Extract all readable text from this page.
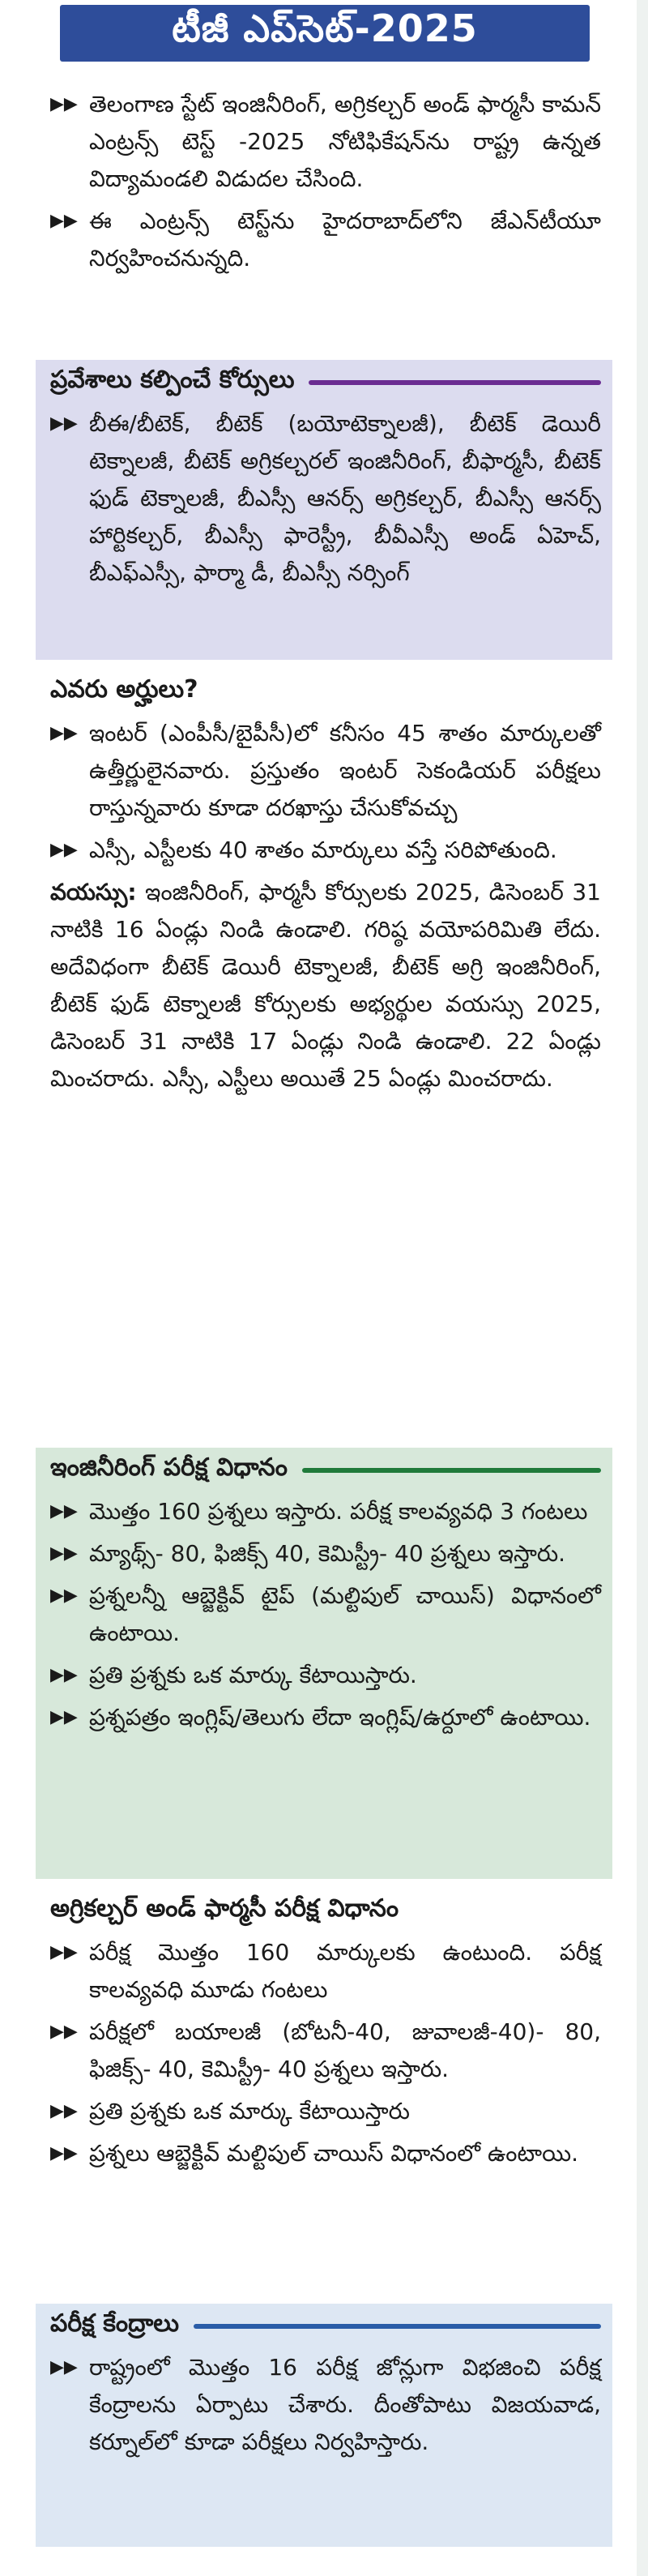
టీజీ ఎప్‌సెట్‌-2025
▶▶ తెలంగాణ స్టేట్‌ ఇంజినీరింగ్‌, అగ్రికల్చర్‌ అండ్‌ ఫార్మసీ కామన్‌ ఎంట్రన్స్‌ టెస్ట్‌ -2025 నోటిఫికేషన్‌ను రాష్ట్ర ఉన్నత విద్యామండలి విడుదల చేసింది.
▶▶ ఈ ఎంట్రన్స్‌ టెస్ట్‌ను హైదరాబాద్‌లోని జేఎన్‌టీయూ నిర్వహించనున్నది.
ప్రవేశాలు కల్పించే కోర్సులు
▶▶ బీఈ/బీటెక్‌, బీటెక్‌ (బయోటెక్నాలజీ), బీటెక్‌ డెయిరీ టెక్నాలజీ, బీటెక్‌ అగ్రికల్చరల్‌ ఇంజినీరింగ్‌, బీఫార్మసీ, బీటెక్‌ ఫుడ్‌ టెక్నాలజీ, బీఎస్సీ ఆనర్స్‌ అగ్రికల్చర్‌, బీఎస్సీ ఆనర్స్‌ హార్టికల్చర్‌, బీఎస్సీ ఫారెస్ట్రీ, బీవీఎస్సీ అండ్‌ ఏహెచ్‌, బీఎఫ్‌ఎస్సీ, ఫార్మా డీ, బీఎస్సీ నర్సింగ్‌
ఎవరు అర్హులు?
▶▶ ఇంటర్‌ (ఎంపీసీ/బైపీసీ)లో కనీసం 45 శాతం మార్కులతో ఉత్తీర్ణులైనవారు. ప్రస్తుతం ఇంటర్‌ సెకండియర్‌ పరీక్షలు రాస్తున్నవారు కూడా దరఖాస్తు చేసుకోవచ్చు
▶▶ ఎస్సీ, ఎస్టీలకు 40 శాతం మార్కులు వస్తే సరిపోతుంది.
వయస్సు: ఇంజినీరింగ్‌, ఫార్మసీ కోర్సులకు 2025, డిసెంబర్‌ 31 నాటికి 16 ఏండ్లు నిండి ఉండాలి. గరిష్ఠ వయోపరిమితి లేదు. అదేవిధంగా బీటెక్‌ డెయిరీ టెక్నాలజీ, బీటెక్‌ అగ్రి ఇంజినీరింగ్‌, బీటెక్‌ ఫుడ్‌ టెక్నాలజీ కోర్సులకు అభ్యర్థుల వయస్సు 2025, డిసెంబర్‌ 31 నాటికి 17 ఏండ్లు నిండి ఉండాలి. 22 ఏండ్లు మించరాదు. ఎస్సీ, ఎస్టీలు అయితే 25 ఏండ్లు మించరాదు.
ఇంజినీరింగ్‌ పరీక్ష విధానం
▶▶ మొత్తం 160 ప్రశ్నలు ఇస్తారు. పరీక్ష కాలవ్యవధి 3 గంటలు
▶▶ మ్యాథ్స్‌- 80, ఫిజిక్స్‌ 40, కెమిస్ట్రీ- 40 ప్రశ్నలు ఇస్తారు.
▶▶ ప్రశ్నలన్నీ ఆబ్జెక్టివ్‌ టైప్‌ (మల్టిపుల్‌ చాయిస్‌) విధానంలో ఉంటాయి.
▶▶ ప్రతి ప్రశ్నకు ఒక మార్కు కేటాయిస్తారు.
▶▶ ప్రశ్నపత్రం ఇంగ్లిష్‌/తెలుగు లేదా ఇంగ్లిష్‌/ఉర్దూలో ఉంటాయి.
అగ్రికల్చర్‌ అండ్‌ ఫార్మసీ పరీక్ష విధానం
▶▶ పరీక్ష మొత్తం 160 మార్కులకు ఉంటుంది. పరీక్ష కాలవ్యవధి మూడు గంటలు
▶▶ పరీక్షలో బయాలజీ (బోటనీ-40, జువాలజీ-40)- 80, ఫిజిక్స్‌- 40, కెమిస్ట్రీ- 40 ప్రశ్నలు ఇస్తారు.
▶▶ ప్రతి ప్రశ్నకు ఒక మార్కు కేటాయిస్తారు
▶▶ ప్రశ్నలు ఆబ్జెక్టివ్‌ మల్టిపుల్‌ చాయిస్‌ విధానంలో ఉంటాయి.
పరీక్ష కేంద్రాలు
▶▶ రాష్ట్రంలో మొత్తం 16 పరీక్ష జోన్లుగా విభజించి పరీక్ష కేంద్రాలను ఏర్పాటు చేశారు. దీంతోపాటు విజయవాడ, కర్నూల్‌లో కూడా పరీక్షలు నిర్వహిస్తారు.
